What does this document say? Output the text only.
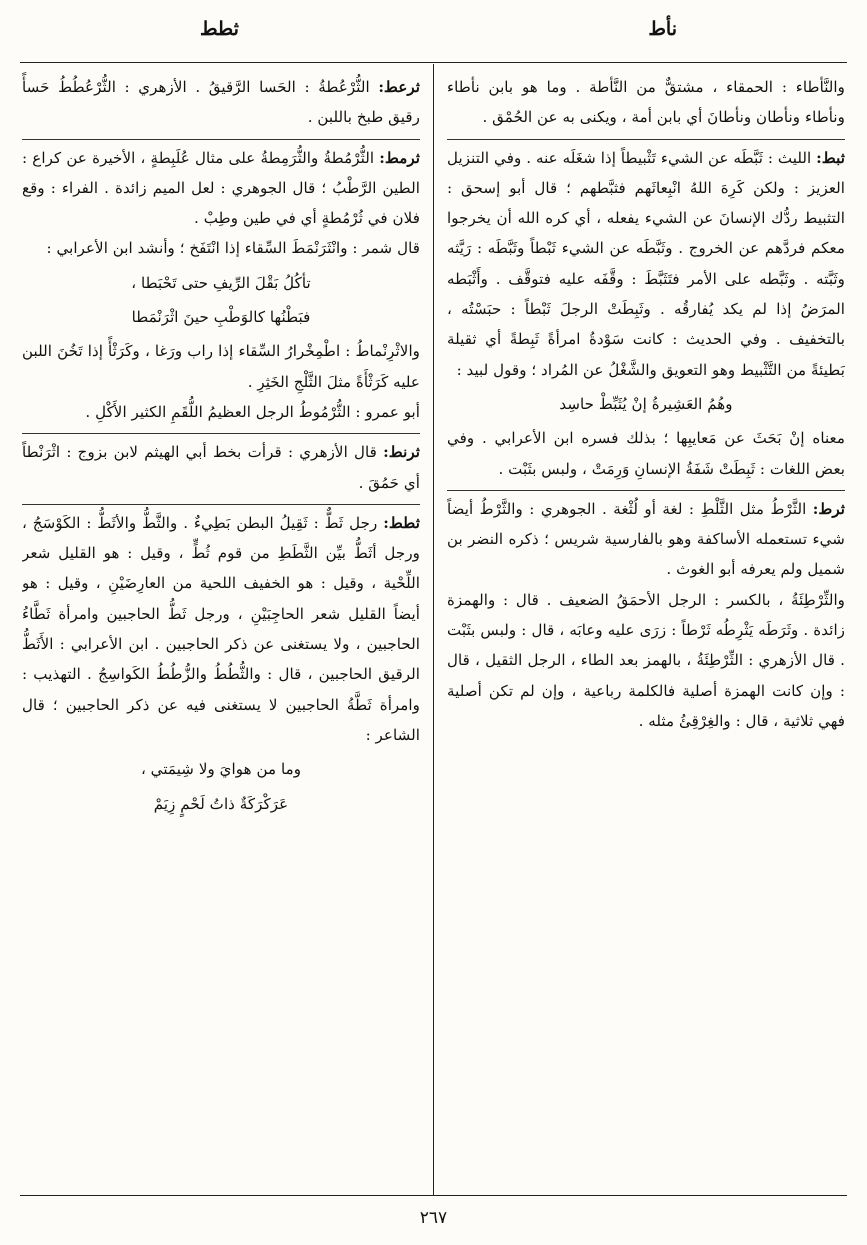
نأط
ثطط

والنَّأطاء : الحمقاء ، مشتقٌّ من النَّأطة . وما هو بابن نأطاء ونأطاء ونأطان ونأطانَ أي بابن أمة ، ويكنى به عن الحُمْق .

ثبط: الليث : ثَبَّطَه عن الشيء تَثْبيطاً إذا شغَلَه عنه . وفي التنزيل العزيز : ولكن كَرِهَ اللهُ انْبِعاثَهم فثبَّطهم ؛ قال أبو إسحق : التثبيط ردُّك الإنسانَ عن الشيء يفعله ، أي كره الله أن يخرجوا معكم فردَّهم عن الخروج . وثَبَّطَه عن الشيء ثَبْطاً وثَبَّطَه : رَيَّثه وثَبَّته . وثَبَّطه على الأمر فتَثَبَّطَ : وقَّفَه عليه فتوقَّف . وأَثْبَطه المرَضُ إذا لم يكد يُفارقُه . وثَبِطَتْ الرجلَ ثَبْطاً : حبَسْتُه ، بالتخفيف . وفي الحديث : كانت سَوْدةُ امرأةً ثَبِطةً أي ثقيلة بَطيئةً من التَّثْبيط وهو التعويق والشَّغْلُ عن المُراد ؛ وقول لبيد :

وهُمُ العَشِيرةُ إنْ يُثَبِّطْ حاسِد

معناه إنْ بَحَثَ عن مَعايبِها ؛ بذلك فسره ابن الأعرابي . وفي بعض اللغات : ثَبِطَتْ شَفَةُ الإنسانِ وَرِمَتْ ، ولبس بثَبْت .

ثرط: الثَّرْطُ مثل الثَّلْطِ : لغة أو لُثْغة . الجوهري : والثَّرْطُ أيضاً شيء تستعمله الأساكفة وهو بالفارسية شريس ؛ ذكره النضر بن شميل ولم يعرفه أبو الغوث .

والثِّرْطِئَةُ ، بالكسر : الرجل الأحمَقُ الضعيف . قال : والهمزة زائدة . وثَرَطَه يَثْرِطُه ثَرْطاً : زرَى عليه وعابَه ، قال : ولبس بثَبْت . قال الأزهري : الثِّرْطِئَةُ ، بالهمز بعد الطاء ، الرجل الثقيل ، قال : وإن كانت الهمزة أصلية فالكلمة رباعية ، وإن لم تكن أصلية فهي ثلاثية ، قال : والغِرْقِئُ مثله .

ثرعط: الثُّرْعُطةُ : الحَسا الرَّقيقُ . الأزهري : الثُّرْعُطُطُ حَسأً رقيق طبخ باللبن .

ثرمط: الثُّرْمُطةُ والثُّرَمِطةُ على مثال عُلَبِطةٍ ، الأخيرة عن كراع : الطين الرَّطْبُ ؛ قال الجوهري : لعل الميم زائدة . الفراء : وقع فلان في ثُرْمُطةٍ أي في طين وطِبْ .

قال شمر : وانْثَرَنْمَطَ السِّقاء إذا انْتَفَخ ؛ وأنشد ابن الأعرابي :

تأكُلُ بَقْلَ الرِّيفِ حتى تَحْبَطا ،

فبَطْنُها كالوَطْبِ حينَ اثْرَنْمَطا

والاثْرِنْماطُ : اطْمِخْرارُ السِّقاء إذا راب ورَغا ، وكَرَثْأً إذا تَخُنَ اللبن عليه كَرَثْأَةً مثلَ الثَّلْجِ الخَثِرِ .

أبو عمرو : الثُّرْمُوطُ الرجل العظيمُ اللُّقَمِ الكثير الأَكْلِ .

ثرنط: قال الأزهري : قرأت بخط أبي الهيثم لابن بزوج : اثْرَنْطاً أي حَمُقَ .

ثطط: رجل ثَطٌّ : ثَقِيلُ البطن بَطِيءٌ . والثَّطُّ والأثَطُّ : الكَوْسَجُ ، ورجل أثَطُّ بيِّن الثَّطَطِ من قوم ثُطٍّ ، وقيل : هو القليل شعر اللِّحْية ، وقيل : هو الخفيف اللحية من العارِضَيْنِ ، وقيل : هو أيضاً القليل شعر الحاجِبَيْنِ ، ورجل ثَطُّ الحاجبين وامرأة ثَطَّاءُ الحاجبين ، ولا يستغنى عن ذكر الحاجبين . ابن الأعرابي : الأَثَطُّ الرقيق الحاجبين ، قال : والثُّطُطُ والزُّطُطُ الكَواسِجُ . التهذيب : وامرأة ثَطَّةُ الحاجبين لا يستغنى فيه عن ذكر الحاجبين ؛ قال الشاعر :

وما من هوايَ ولا شِيمَتي ،

عَرَكْرَكَةٌ ذاتُ لَحْمٍ زِيَمْ

٢٦٧
